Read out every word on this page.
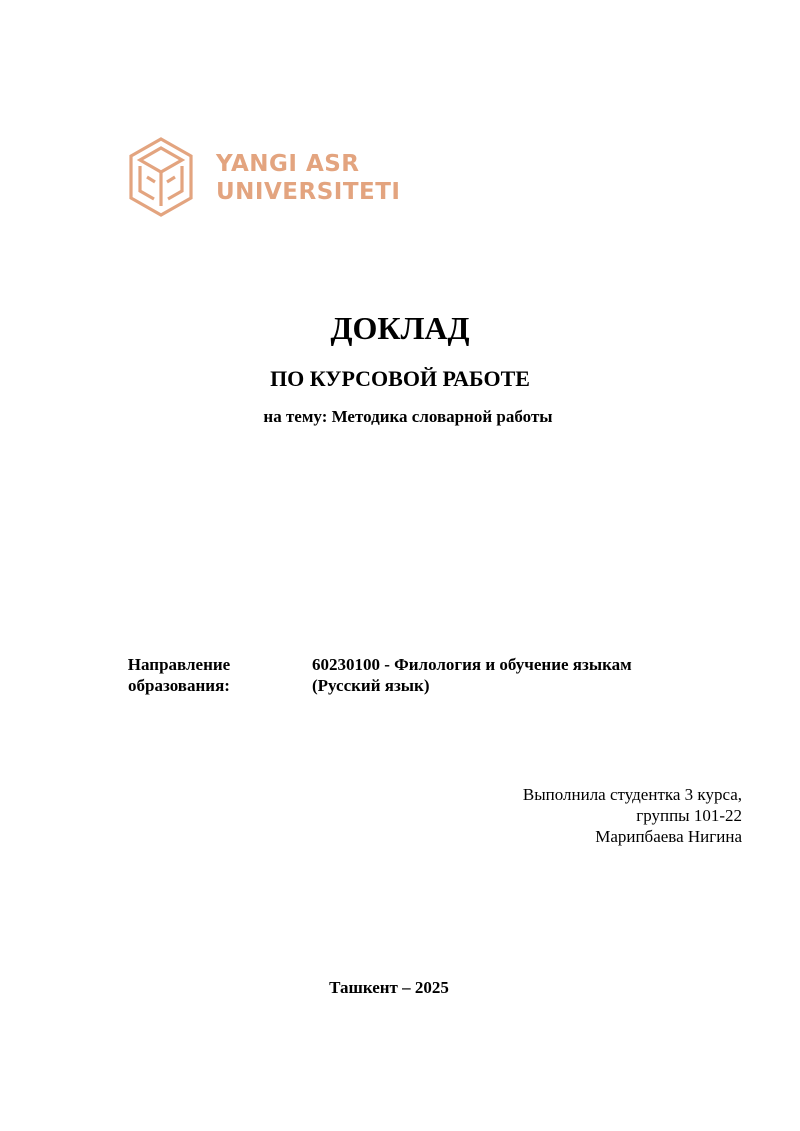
YANGI ASR
UNIVERSITETI
ДОКЛАД
ПО КУРСОВОЙ РАБОТЕ
на тему: Методика словарной работы
Направление
образования:
60230100 - Филология и обучение языкам
(Русский язык)
Выполнила студентка 3 курса,
группы 101-22
Марипбаева Нигина
Ташкент – 2025
